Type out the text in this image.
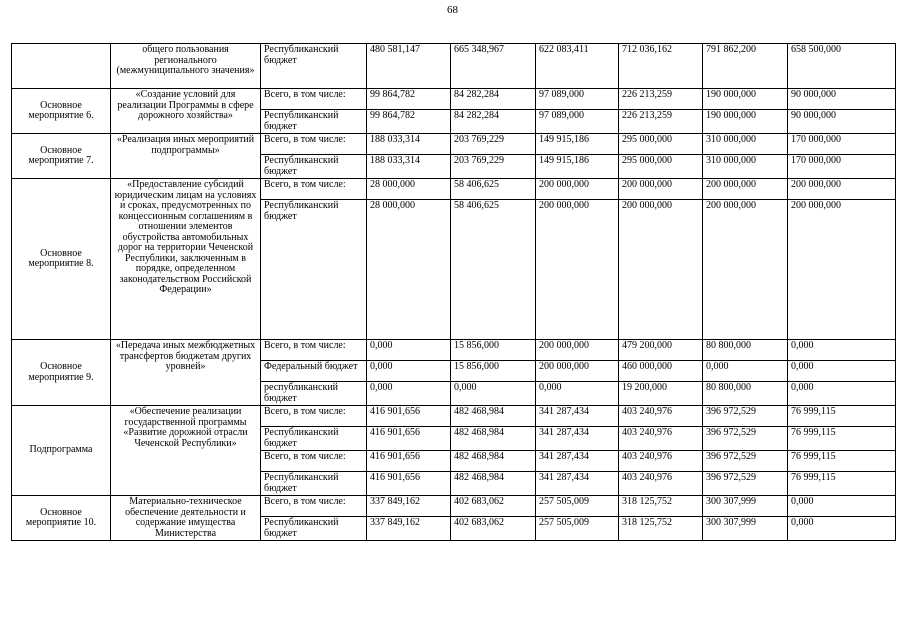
68
	общего пользования регионального (межмуниципального значения»	Республиканский бюджет	480 581,147	665 348,967	622 083,411	712 036,162	791 862,200	658 500,000
Основное мероприятие 6.	«Создание условий для реализации Программы в сфере дорожного хозяйства»	Всего, в том числе:	99 864,782	84 282,284	97 089,000	226 213,259	190 000,000	90 000,000
		Республиканский бюджет	99 864,782	84 282,284	97 089,000	226 213,259	190 000,000	90 000,000
Основное мероприятие 7.	«Реализация иных мероприятий подпрограммы»	Всего, в том числе:	188 033,314	203 769,229	149 915,186	295 000,000	310 000,000	170 000,000
		Республиканский бюджет	188 033,314	203 769,229	149 915,186	295 000,000	310 000,000	170 000,000
Основное мероприятие 8.	«Предоставление субсидий юридическим лицам на условиях и сроках, предусмотренных по концессионным соглашениям в отношении элементов обустройства автомобильных дорог на территории Чеченской Республики, заключенным в порядке, определенном законодательством Российской Федерации»	Всего, в том числе:	28 000,000	58 406,625	200 000,000	200 000,000	200 000,000	200 000,000
		Республиканский бюджет	28 000,000	58 406,625	200 000,000	200 000,000	200 000,000	200 000,000
Основное мероприятие 9.	«Передача иных межбюджетных трансфертов бюджетам других уровней»	Всего, в том числе:	0,000	15 856,000	200 000,000	479 200,000	80 800,000	0,000
		Федеральный бюджет	0,000	15 856,000	200 000,000	460 000,000	0,000	0,000
		республиканский бюджет	0,000	0,000	0,000	19 200,000	80 800,000	0,000
Подпрограмма	«Обеспечение реализации государственной программы «Развитие дорожной отрасли Чеченской Республики»	Всего, в том числе:	416 901,656	482 468,984	341 287,434	403 240,976	396 972,529	76 999,115
		Республиканский бюджет	416 901,656	482 468,984	341 287,434	403 240,976	396 972,529	76 999,115
		Всего, в том числе:	416 901,656	482 468,984	341 287,434	403 240,976	396 972,529	76 999,115
		Республиканский бюджет	416 901,656	482 468,984	341 287,434	403 240,976	396 972,529	76 999,115
Основное мероприятие 10.	Материально-техническое обеспечение деятельности и содержание имущества Министерства	Всего, в том числе:	337 849,162	402 683,062	257 505,009	318 125,752	300 307,999	0,000
		Республиканский бюджет	337 849,162	402 683,062	257 505,009	318 125,752	300 307,999	0,000
